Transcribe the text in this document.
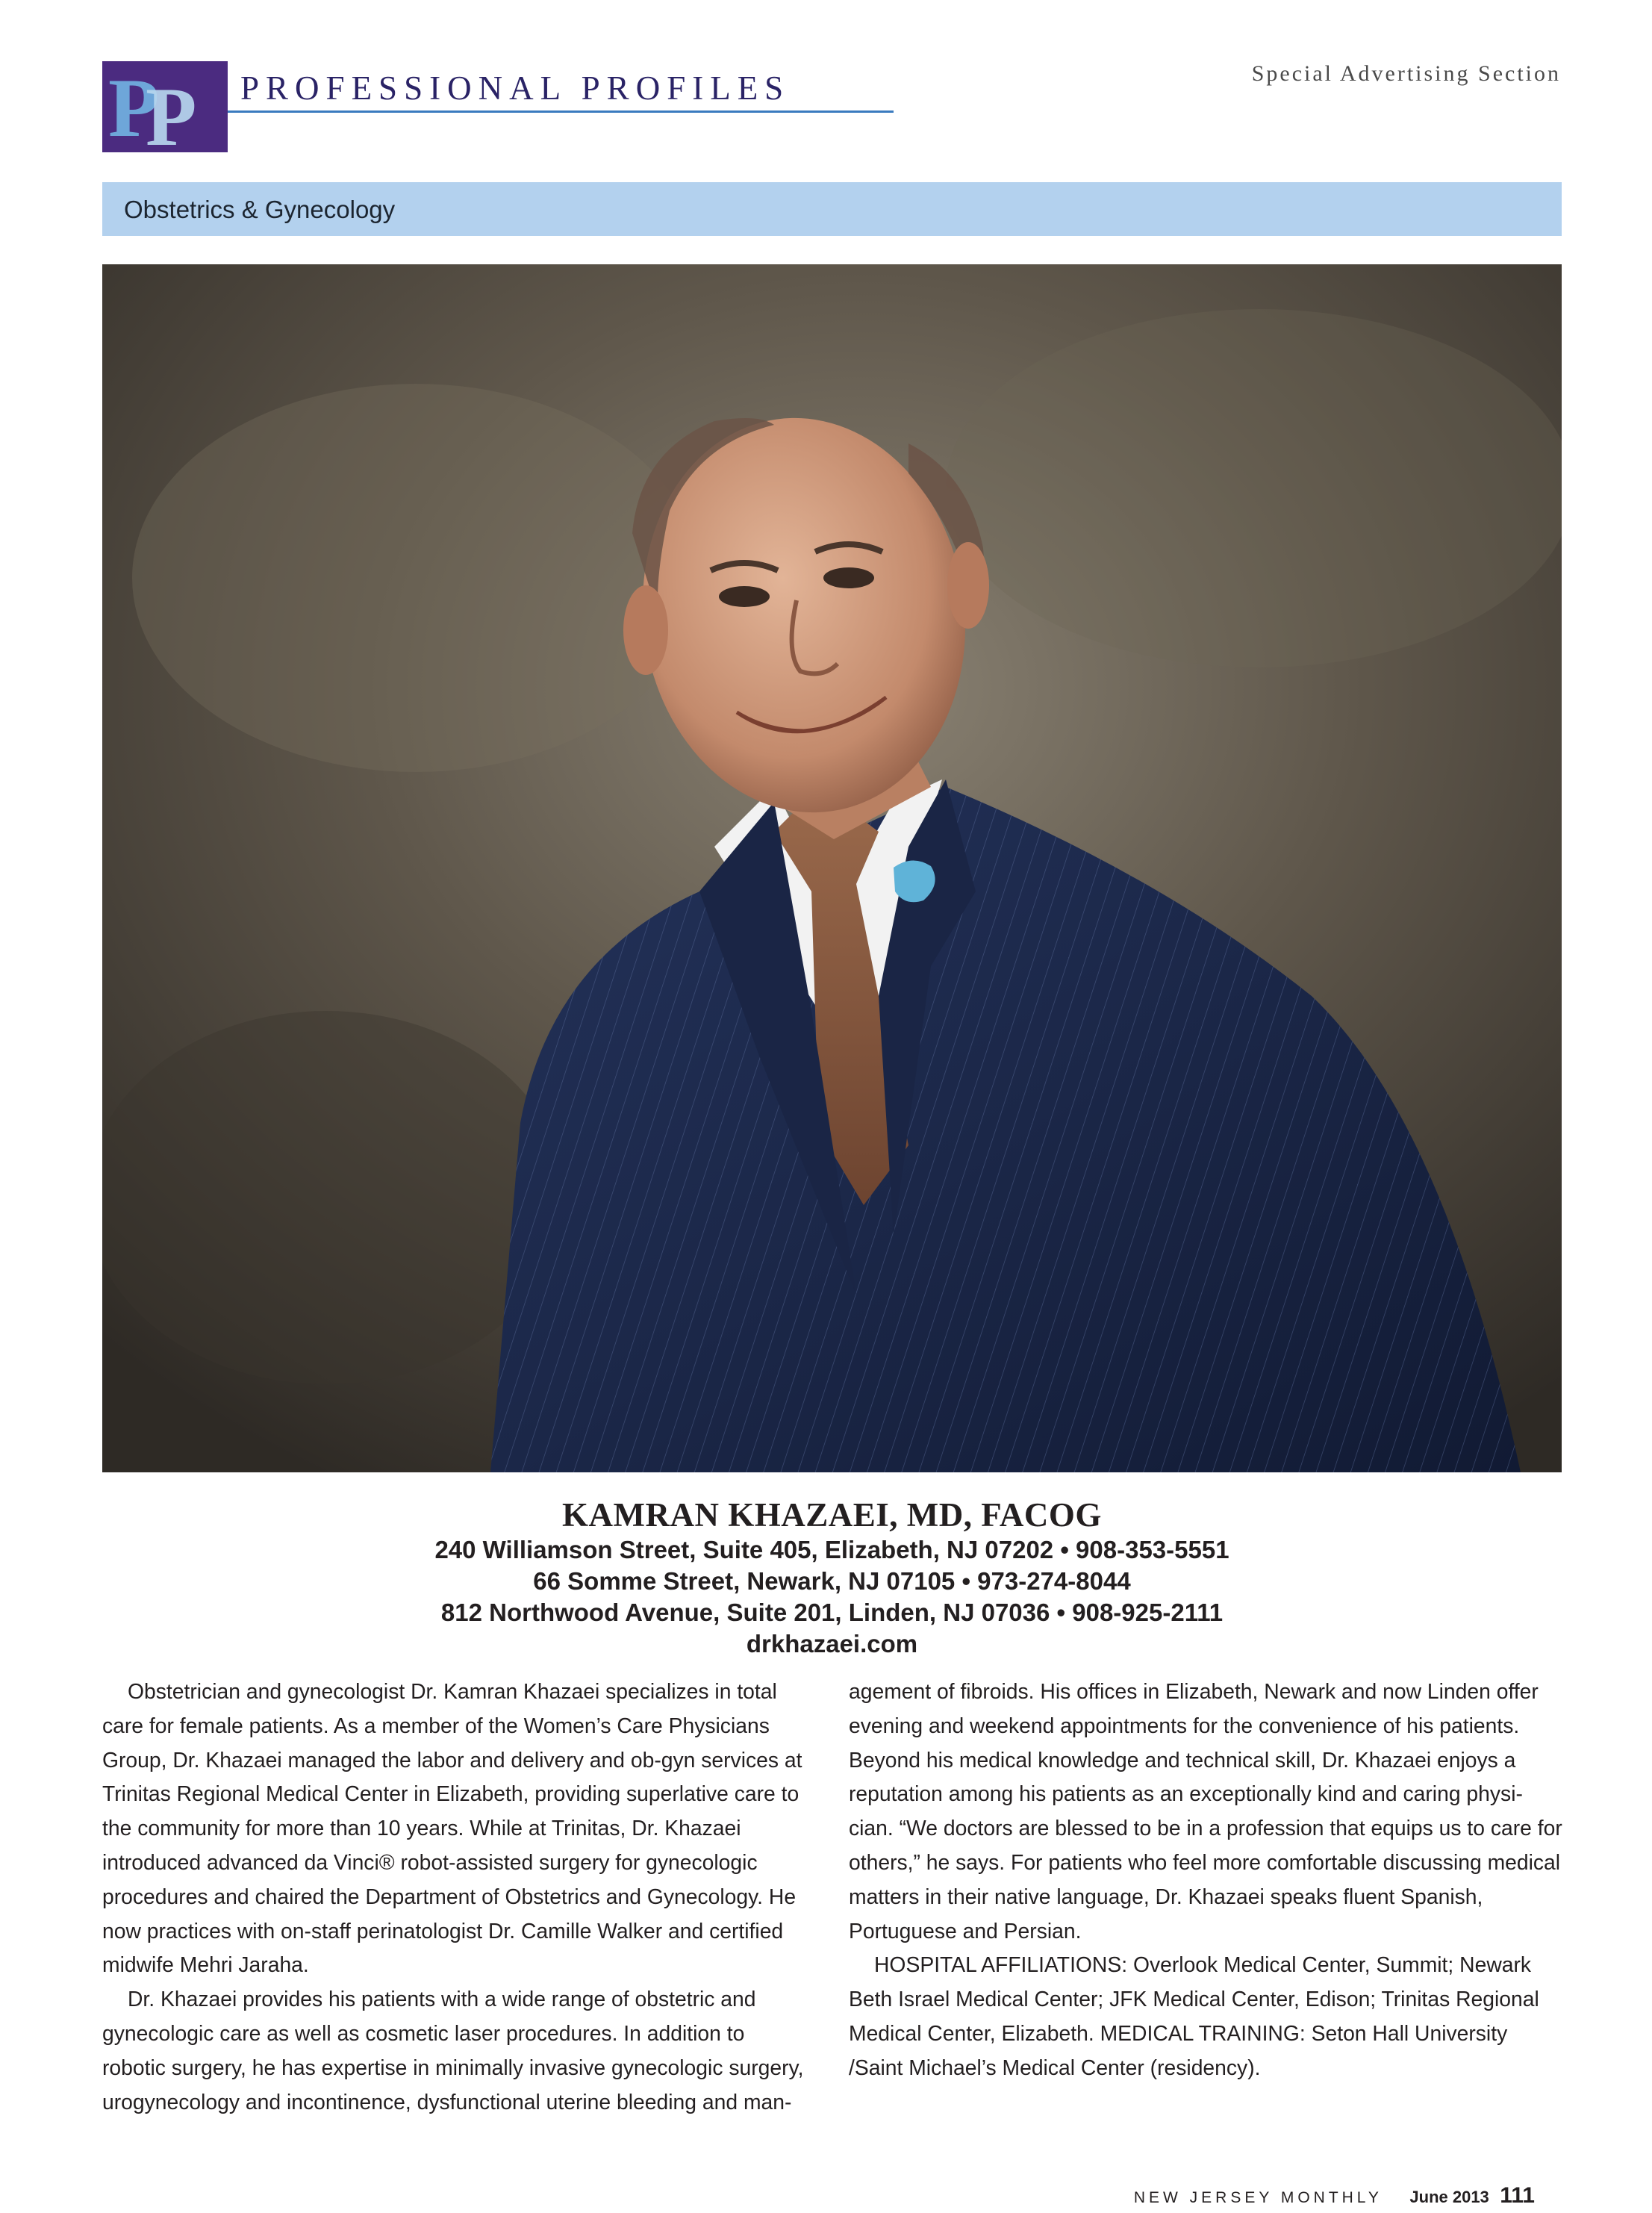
P
P PROFESSIONAL PROFILES	Special Advertising Section
Obstetrics & Gynecology
KAMRAN KHAZAEI, MD, FACOG
240 Williamson Street, Suite 405, Elizabeth, NJ 07202 • 908-353-5551
66 Somme Street, Newark, NJ 07105 • 973-274-8044
812 Northwood Avenue, Suite 201, Linden, NJ 07036 • 908-925-2111
drkhazaei.com

Obstetrician and gynecologist Dr. Kamran Khazaei specializes in total care for female patients. As a member of the Women’s Care Physicians Group, Dr. Khazaei managed the labor and delivery and ob-gyn services at Trinitas Regional Medical Center in Elizabeth, providing superlative care to the community for more than 10 years. While at Trinitas, Dr. Khazaei introduced advanced da Vinci® robot-assisted surgery for gynecologic procedures and chaired the Department of Obstetrics and Gynecology. He now practices with on-staff perinatologist Dr. Camille Walker and certified midwife Mehri Jaraha.

Dr. Khazaei provides his patients with a wide range of obstetric and gynecologic care as well as cosmetic laser procedures. In addition to robotic surgery, he has expertise in minimally invasive gynecologic surgery, urogynecology and incontinence, dysfunctional uterine bleeding and man-

agement of fibroids. His offices in Elizabeth, Newark and now Linden offer evening and weekend appointments for the convenience of his patients. Beyond his medical knowledge and technical skill, Dr. Khazaei enjoys a reputation among his patients as an exceptionally kind and caring physi-cian. “We doctors are blessed to be in a profession that equips us to care for others,” he says. For patients who feel more comfortable discussing medical matters in their native language, Dr. Khazaei speaks fluent Spanish, Portuguese and Persian.

HOSPITAL AFFILIATIONS: Overlook Medical Center, Summit; Newark Beth Israel Medical Center; JFK Medical Center, Edison; Trinitas Regional Medical Center, Elizabeth. MEDICAL TRAINING: Seton Hall University /Saint Michael’s Medical Center (residency).

NEW JERSEY MONTHLY June 2013 111
